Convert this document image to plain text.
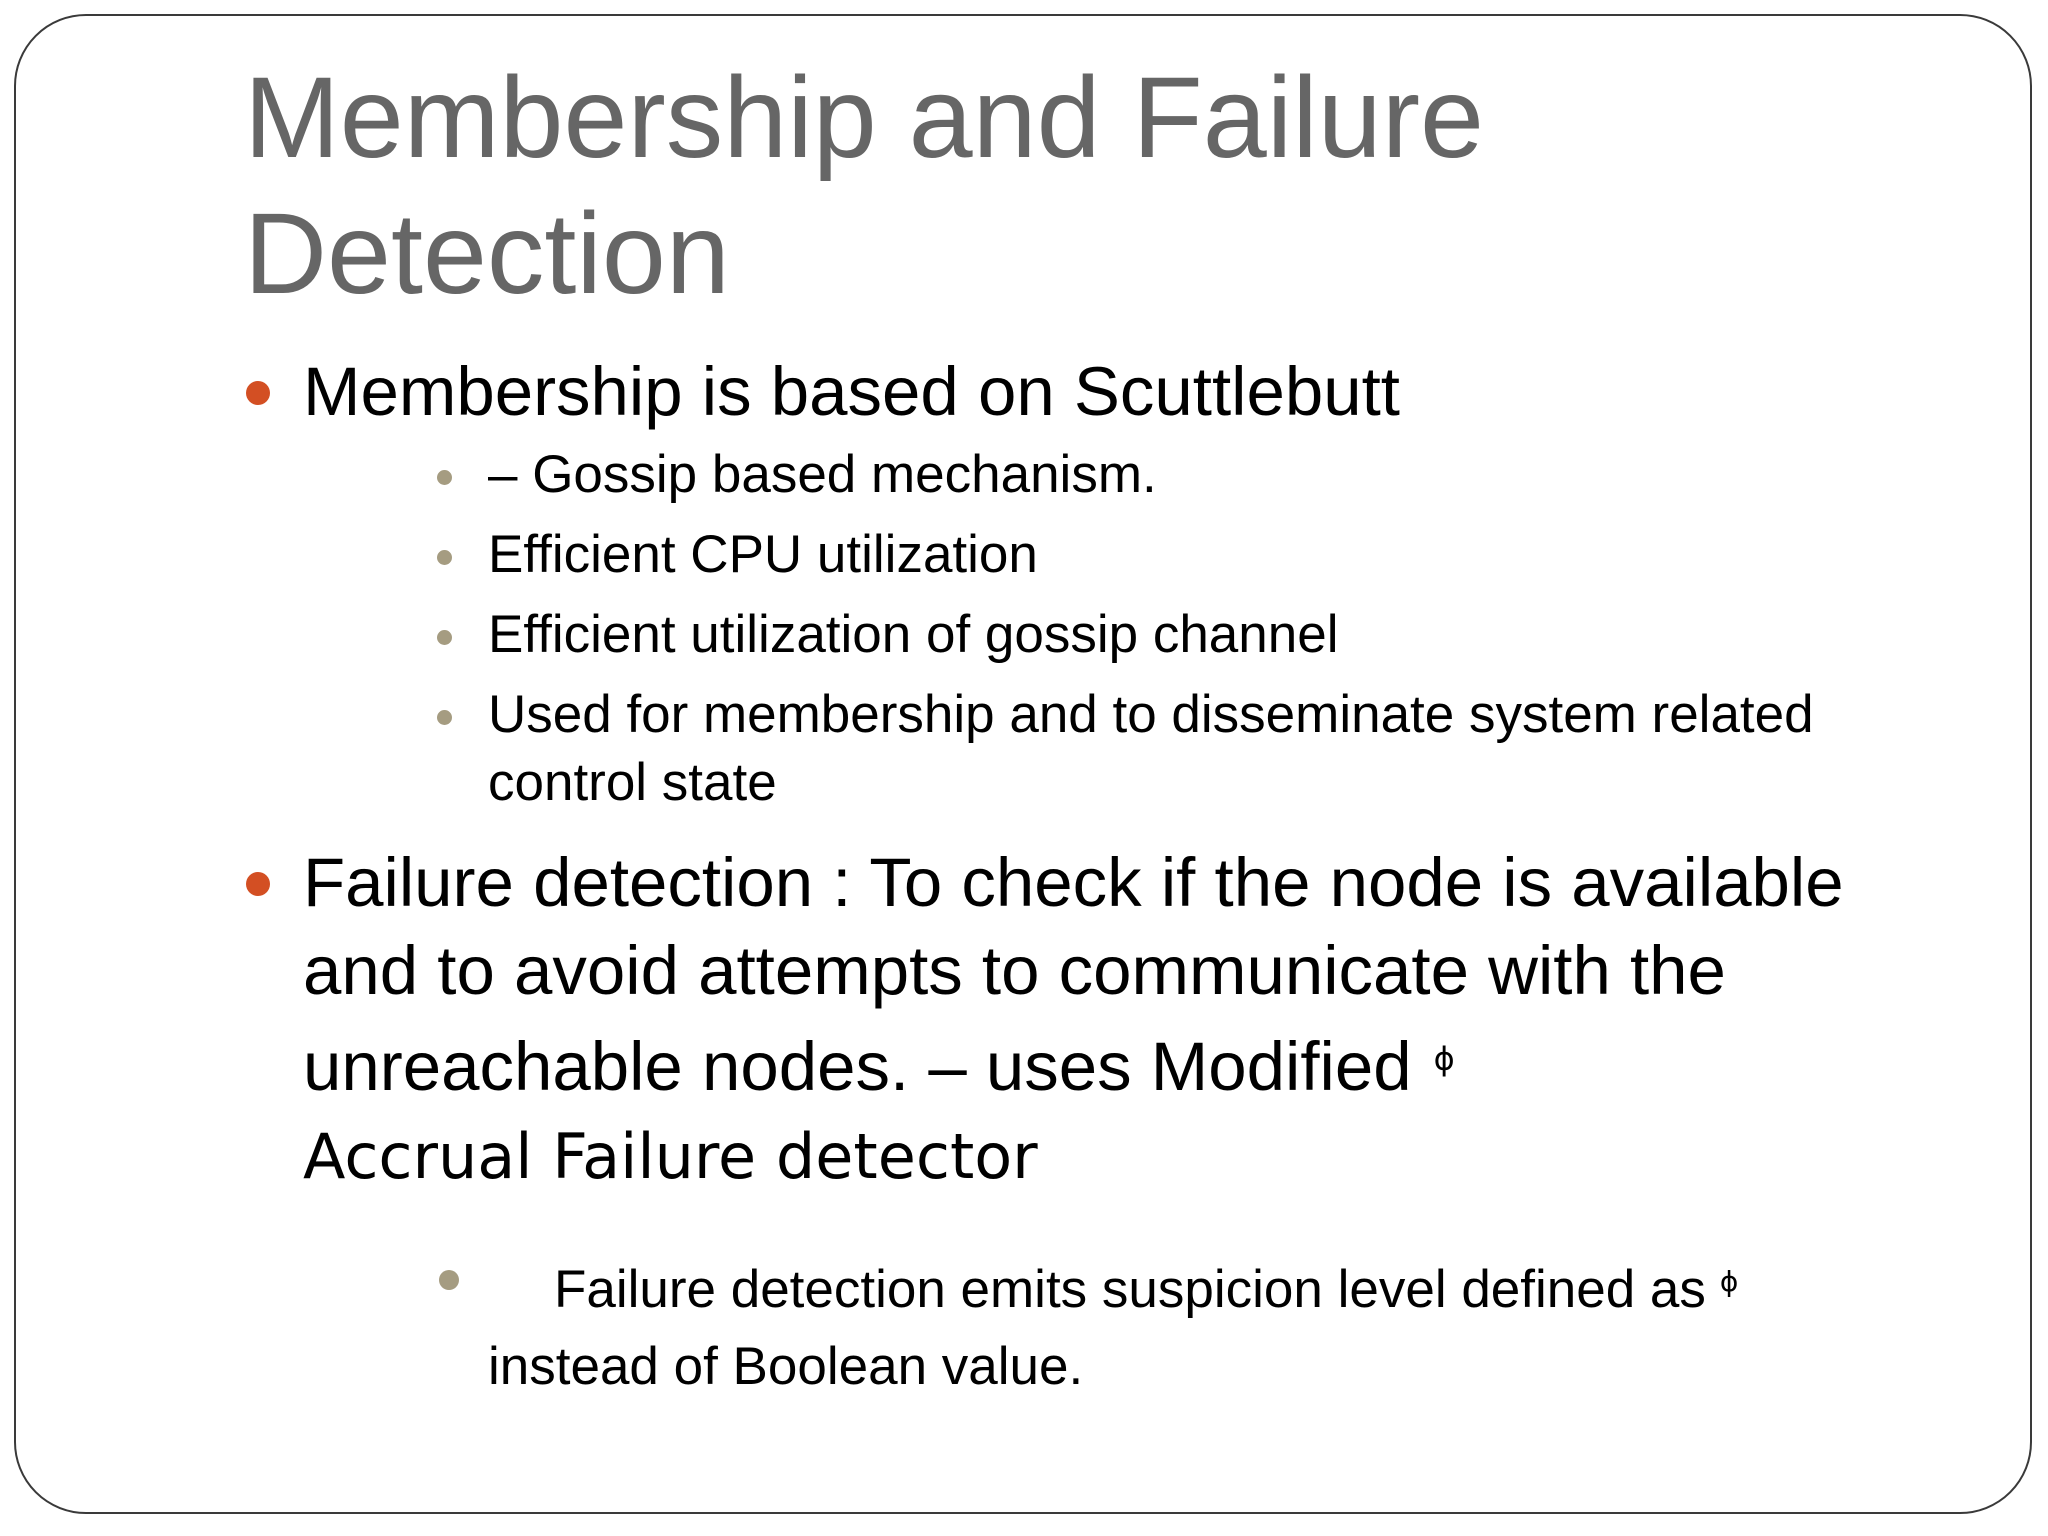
Membership and Failure Detection
Membership is based on Scuttlebutt
– Gossip based mechanism.
Efficient CPU utilization
Efficient utilization of gossip channel
Used for membership and to disseminate system related control state
Failure detection : To check if the node is available and to avoid attempts to communicate with the unreachable nodes. – uses Modified $^ɸ$
Accrual Failure detector
Failure detection emits suspicion level defined as $^ɸ$
instead of Boolean value.
